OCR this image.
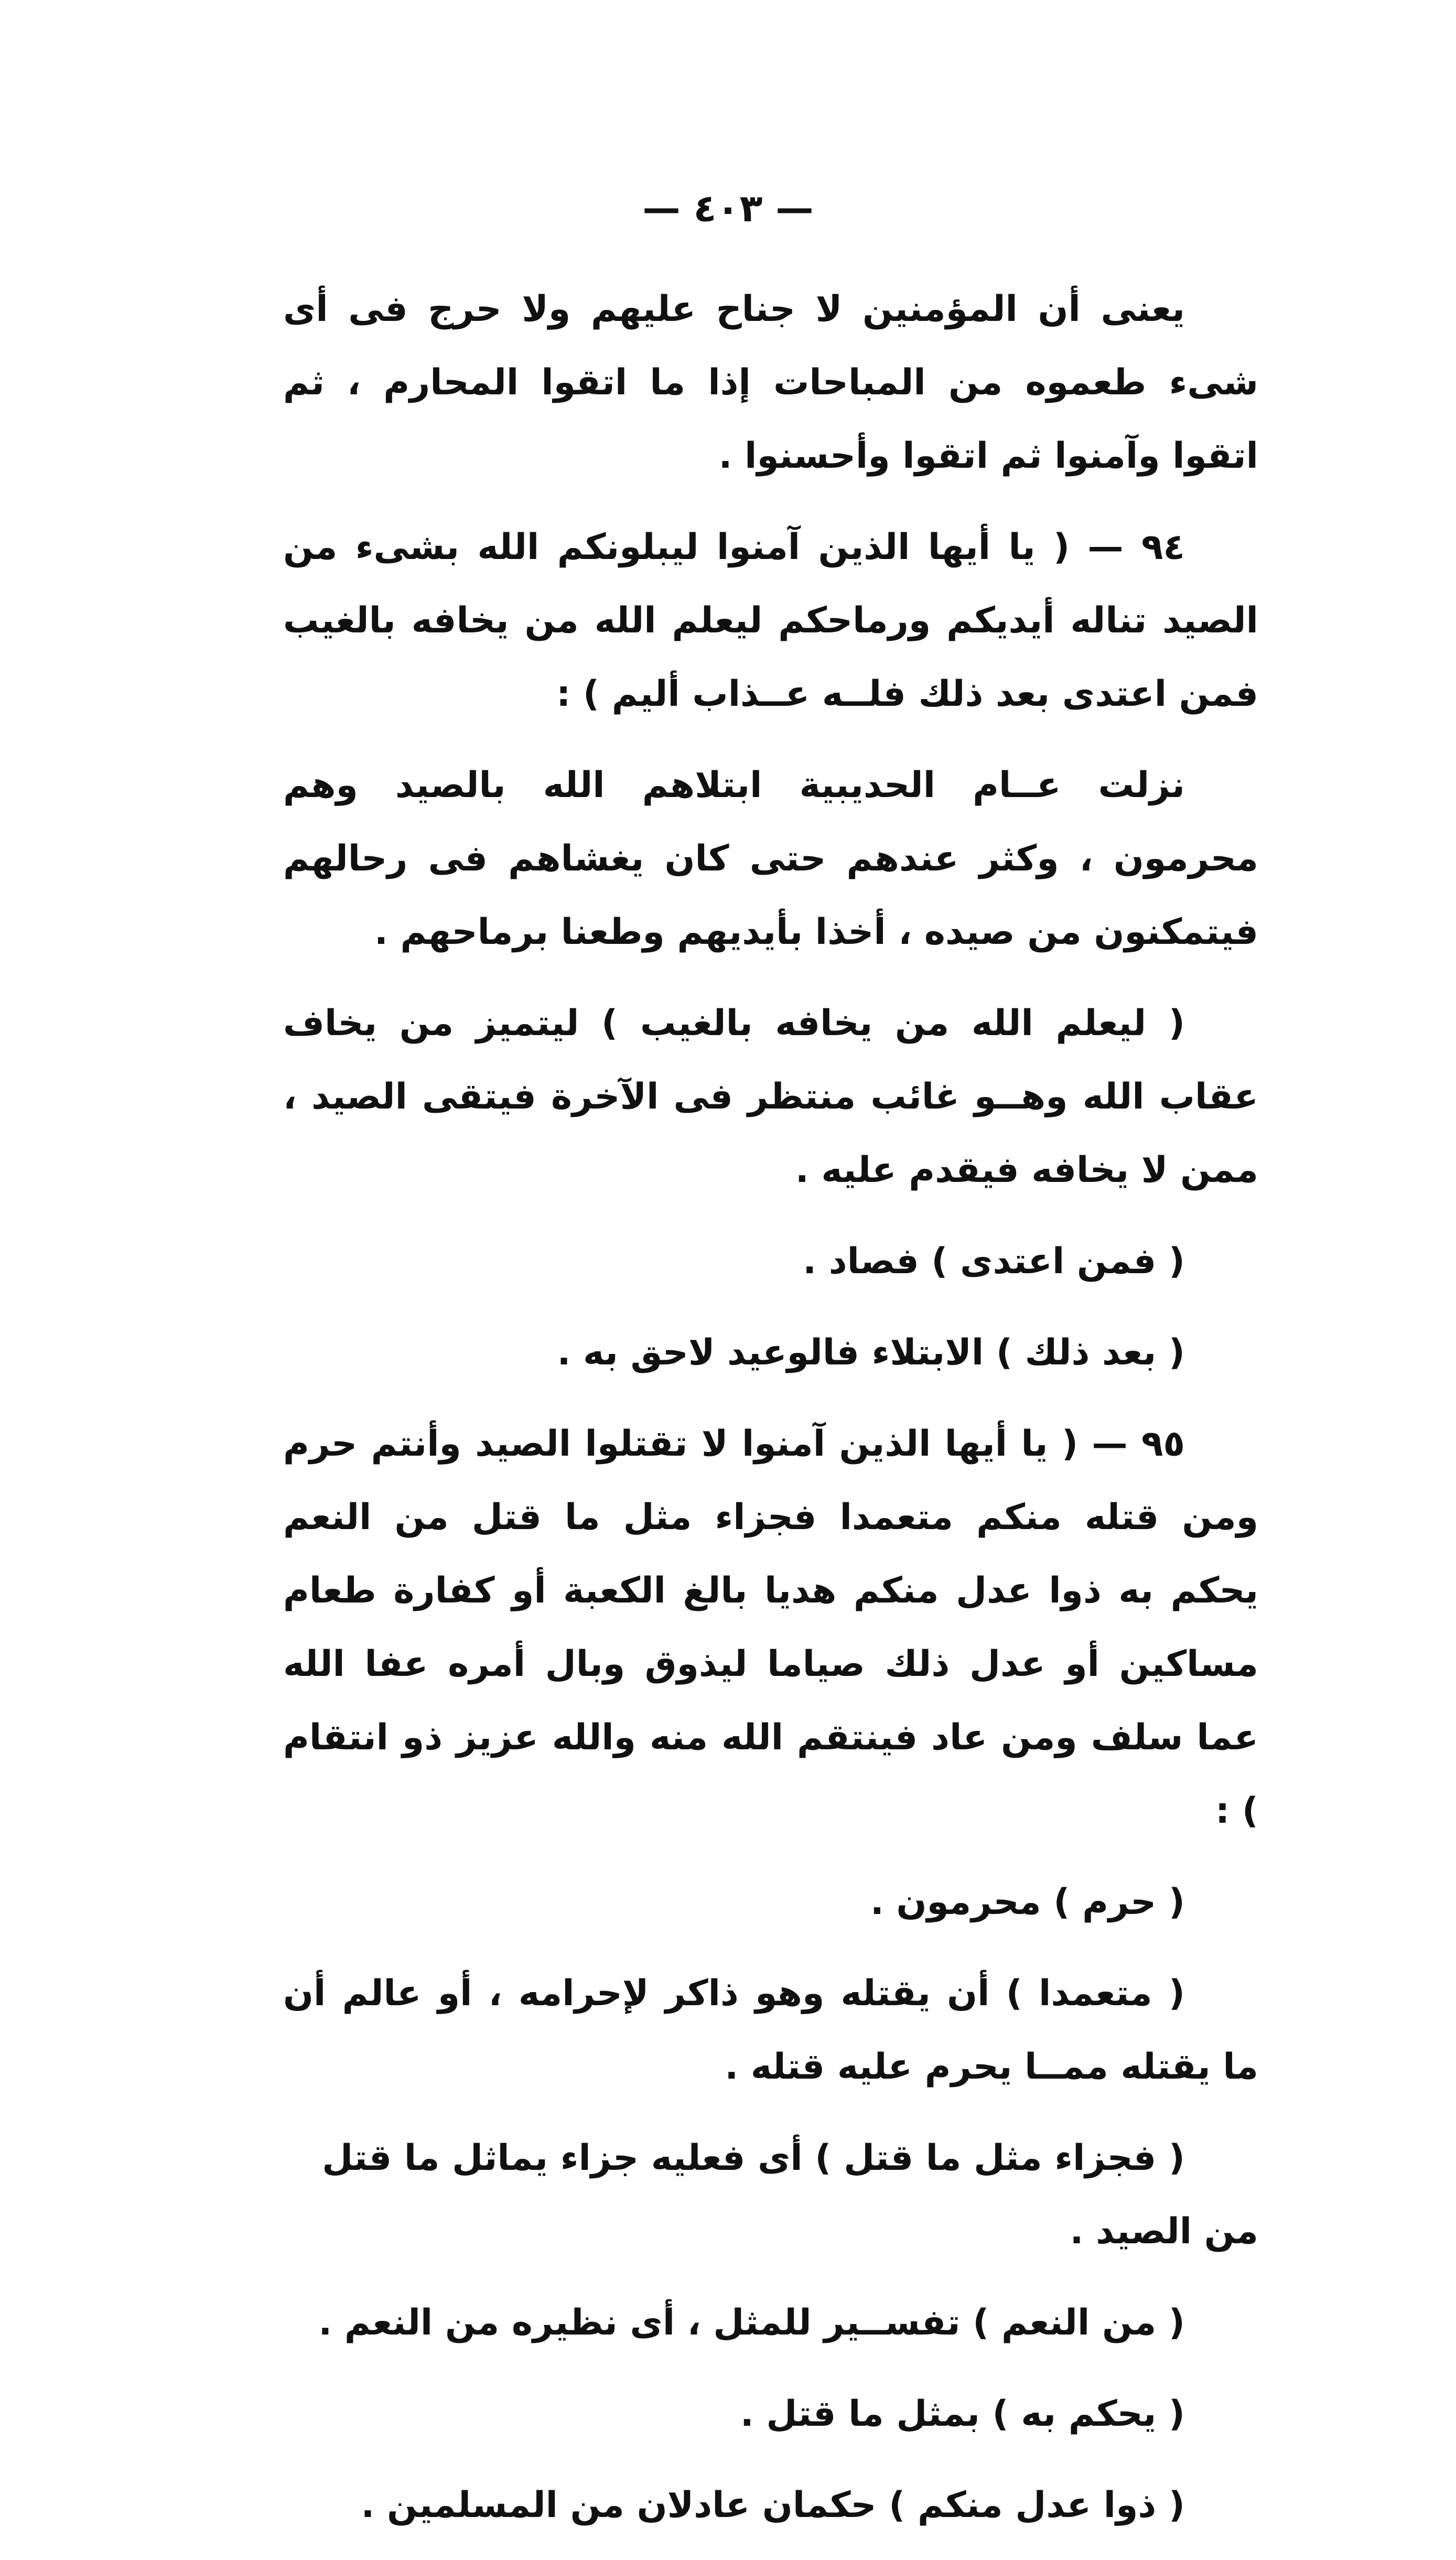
— ٤٠٣ —

يعنى أن المؤمنين لا جناح عليهم ولا حرج فى أى شىء طعموه من المباحات إذا ما اتقوا المحارم ، ثم اتقوا وآمنوا ثم اتقوا وأحسنوا .

٩٤ — ( يا أيها الذين آمنوا ليبلونكم الله بشىء من الصيد تناله أيديكم ورماحكم ليعلم الله من يخافه بالغيب فمن اعتدى بعد ذلك فلــه عــذاب أليم ) :

نزلت عــام الحديبية ابتلاهم الله بالصيد وهم محرمون ، وكثر عندهم حتى كان يغشاهم فى رحالهم فيتمكنون من صيده ، أخذا بأيديهم وطعنا برماحهم .

( ليعلم الله من يخافه بالغيب ) ليتميز من يخاف عقاب الله وهــو غائب منتظر فى الآخرة فيتقى الصيد ، ممن لا يخافه فيقدم عليه .

( فمن اعتدى ) فصاد .

( بعد ذلك ) الابتلاء فالوعيد لاحق به .

٩٥ — ( يا أيها الذين آمنوا لا تقتلوا الصيد وأنتم حرم ومن قتله منكم متعمدا فجزاء مثل ما قتل من النعم يحكم به ذوا عدل منكم هديا بالغ الكعبة أو كفارة طعام مساكين أو عدل ذلك صياما ليذوق وبال أمره عفا الله عما سلف ومن عاد فينتقم الله منه والله عزيز ذو انتقام ) :

( حرم ) محرمون .

( متعمدا ) أن يقتله وهو ذاكر لإحرامه ، أو عالم أن ما يقتله ممــا يحرم عليه قتله .

( فجزاء مثل ما قتل ) أى فعليه جزاء يماثل ما قتل من الصيد .

( من النعم ) تفســير للمثل ، أى نظيره من النعم .

( يحكم به ) بمثل ما قتل .

( ذوا عدل منكم ) حكمان عادلان من المسلمين .
